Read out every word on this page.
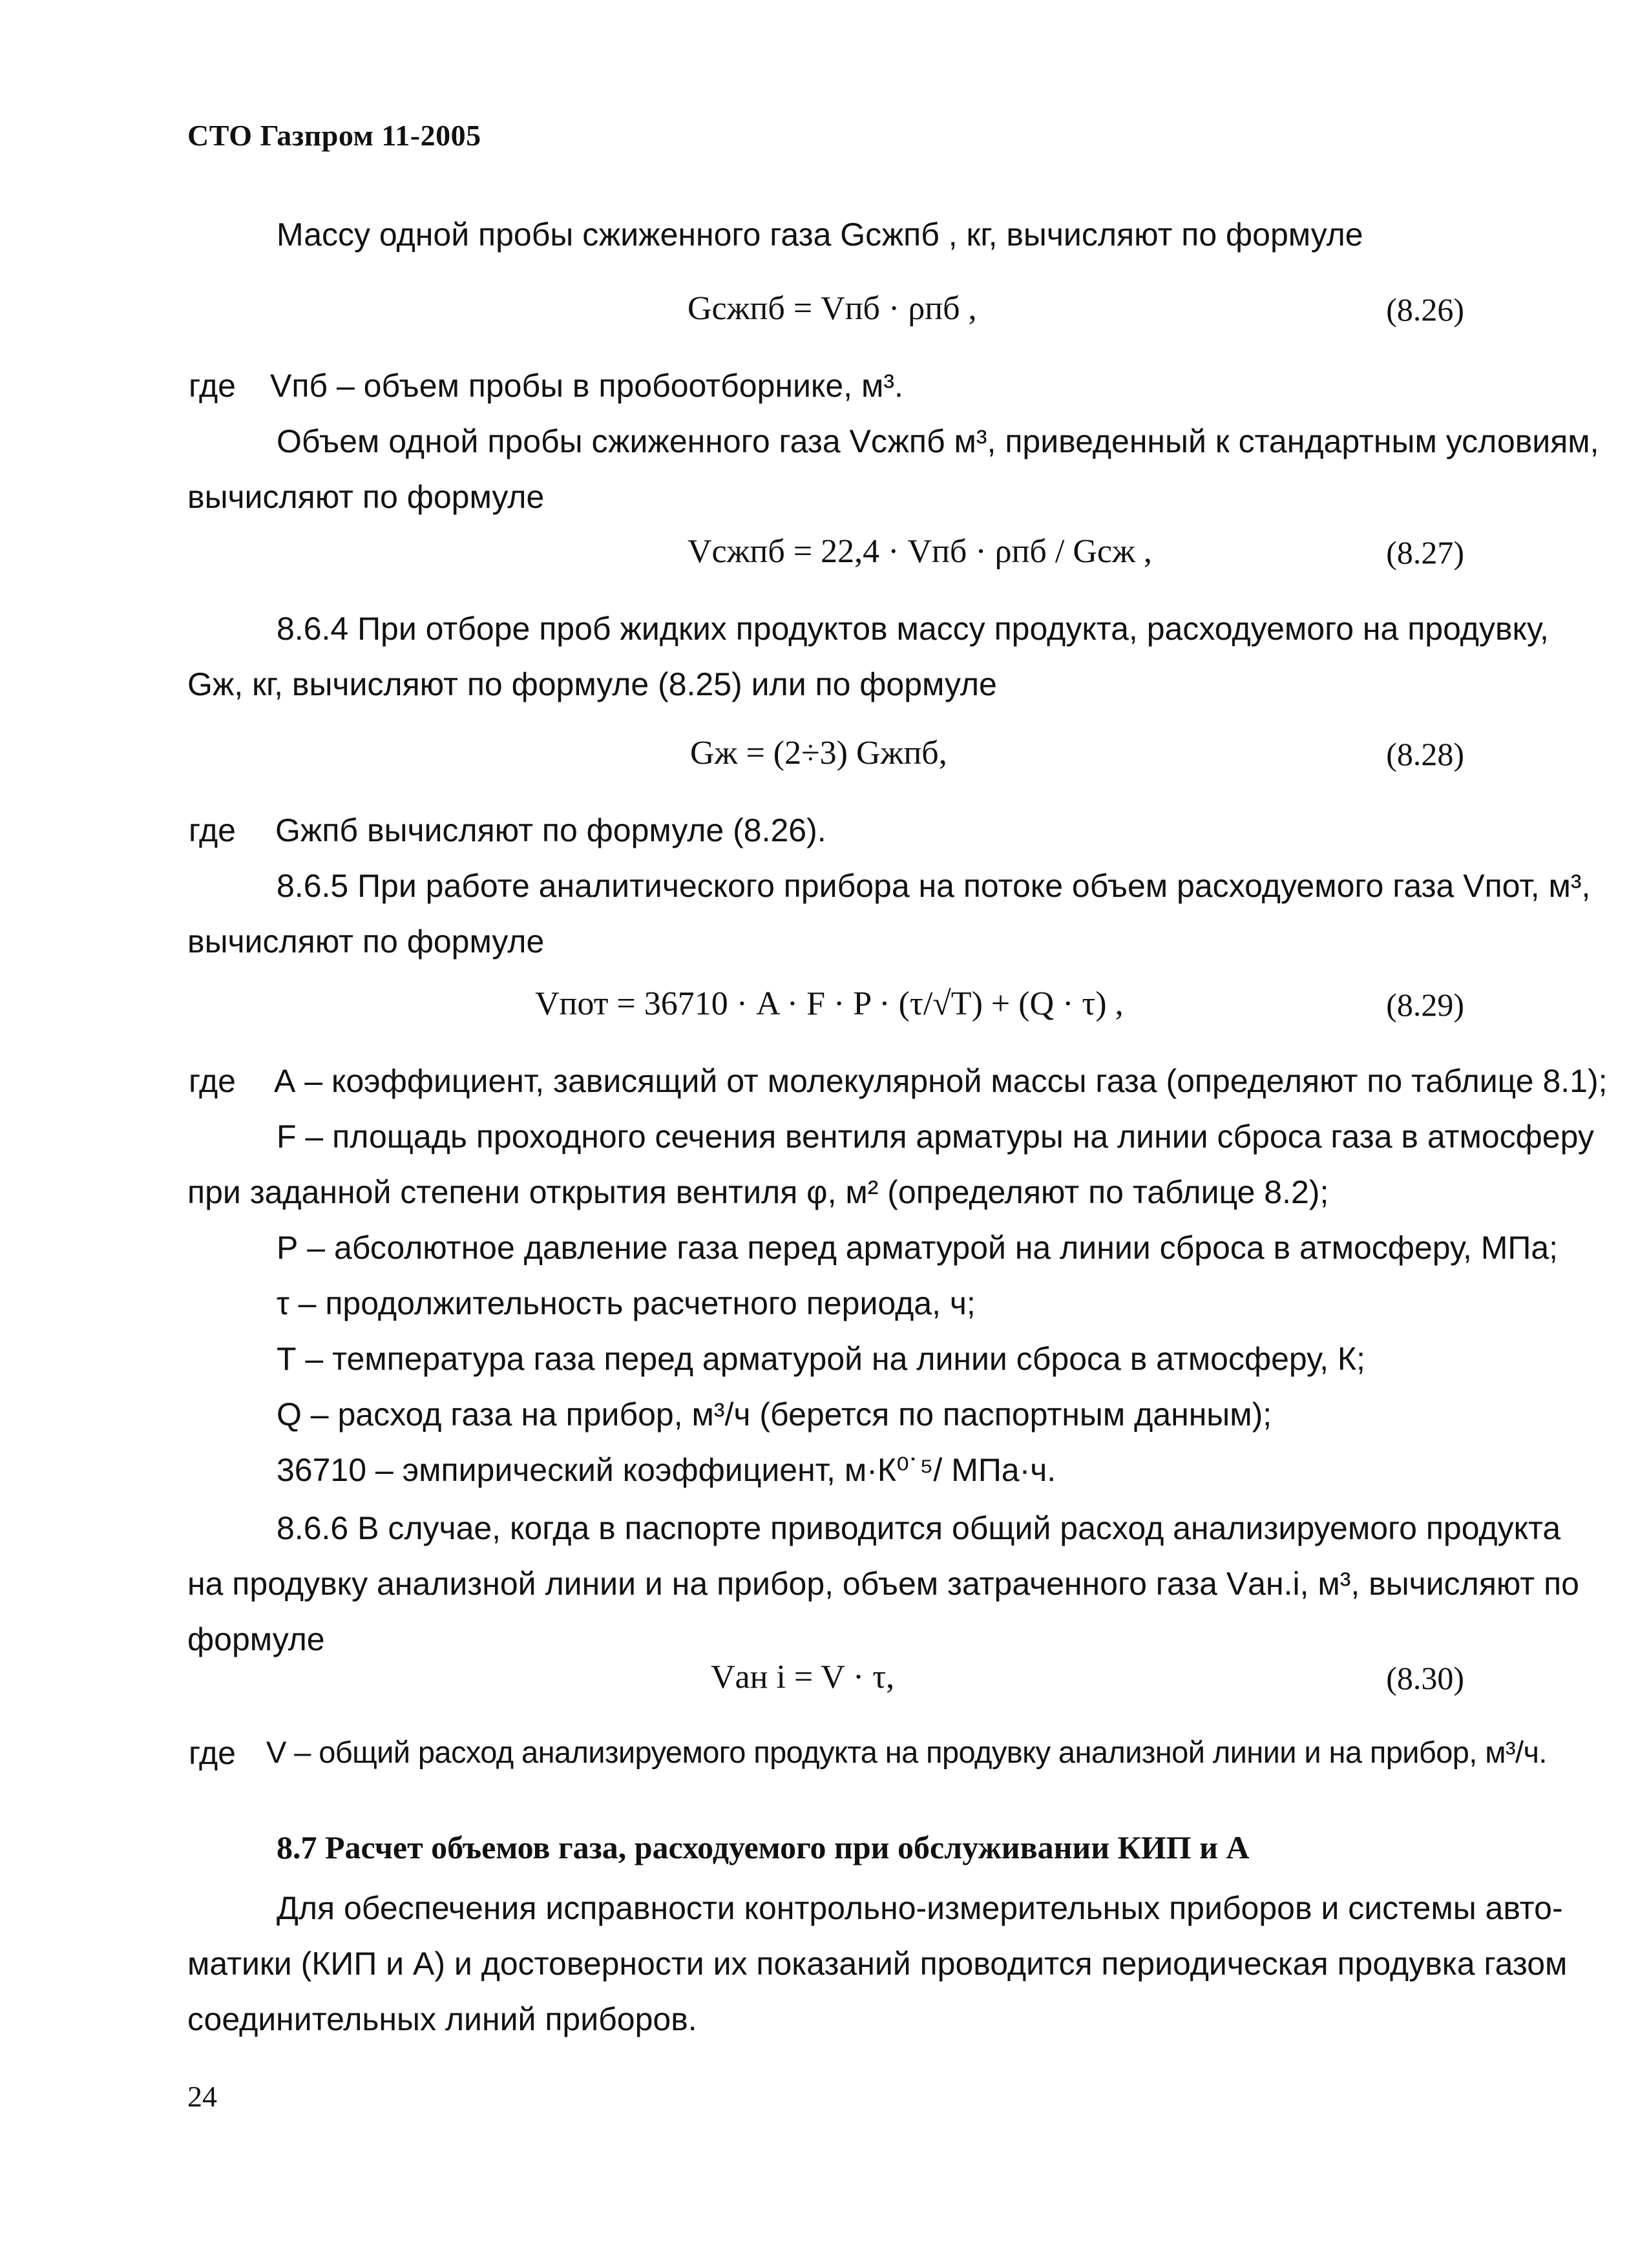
СТО Газпром 11-2005
Массу одной пробы сжиженного газа Gсжпб , кг, вычисляют по формуле
Gсжпб = Vпб · ρпб ,	(8.26)
где Vпб – объем пробы в пробоотборнике, м³.
Объем одной пробы сжиженного газа Vсжпб м³, приведенный к стандартным условиям,
вычисляют по формуле
Vсжпб = 22,4 · Vпб · ρпб / Gсж ,	(8.27)
8.6.4 При отборе проб жидких продуктов массу продукта, расходуемого на продувку,
Gж, кг, вычисляют по формуле (8.25) или по формуле
Gж = (2÷3) Gжпб,	(8.28)
где Gжпб вычисляют по формуле (8.26).
8.6.5 При работе аналитического прибора на потоке объем расходуемого газа Vпот, м³,
вычисляют по формуле
Vпот = 36710 · A · F · P · (τ/√T) + (Q · τ) ,	(8.29)
где А – коэффициент, зависящий от молекулярной массы газа (определяют по таблице 8.1);
F – площадь проходного сечения вентиля арматуры на линии сброса газа в атмосферу
при заданной степени открытия вентиля φ, м² (определяют по таблице 8.2);
Р – абсолютное давление газа перед арматурой на линии сброса в атмосферу, МПа;
τ – продолжительность расчетного периода, ч;
Т – температура газа перед арматурой на линии сброса в атмосферу, К;
Q – расход газа на прибор, м³/ч (берется по паспортным данным);
36710 – эмпирический коэффициент, м·К⁰˙⁵/ МПа·ч.
8.6.6 В случае, когда в паспорте приводится общий расход анализируемого продукта
на продувку анализной линии и на прибор, объем затраченного газа Vан.i, м³, вычисляют по
формуле
Vан i = V · τ,	(8.30)
где V – общий расход анализируемого продукта на продувку анализной линии и на прибор, м³/ч.
8.7 Расчет объемов газа, расходуемого при обслуживании КИП и А
Для обеспечения исправности контрольно-измерительных приборов и системы авто-
матики (КИП и А) и достоверности их показаний проводится периодическая продувка газом
соединительных линий приборов.
24
